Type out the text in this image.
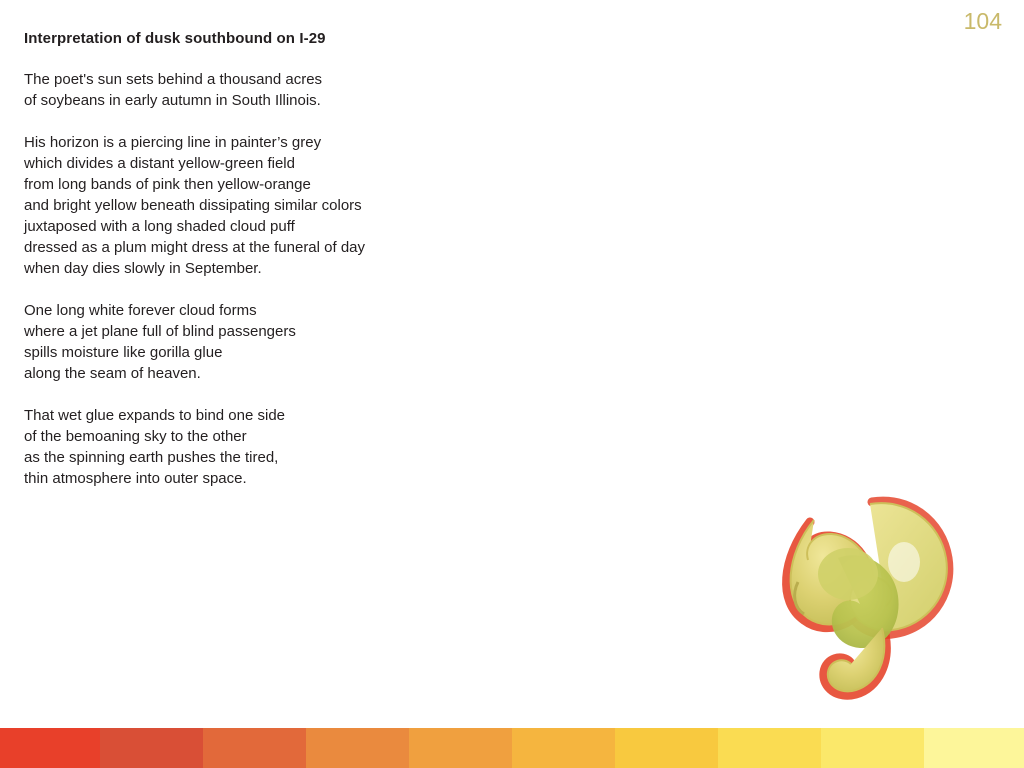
Interpretation of dusk southbound on I-29

The poet's sun sets behind a thousand acres
of soybeans in early autumn in South Illinois.

His horizon is a piercing line in painter’s grey
which divides a distant yellow-green field
from long bands of pink then yellow-orange
and bright yellow beneath dissipating similar colors
juxtaposed with a long shaded cloud puff
dressed as a plum might dress at the funeral of day
when day dies slowly in September.

One long white forever cloud forms
where a jet plane full of blind passengers
spills moisture like gorilla glue
along the seam of heaven.

That wet glue expands to bind one side
of the bemoaning sky to the other
as the spinning earth pushes the tired,
thin atmosphere into outer space.

DIFFERENT by Pete Lindsay - Interpretation of dusk southbound on I-29	104
